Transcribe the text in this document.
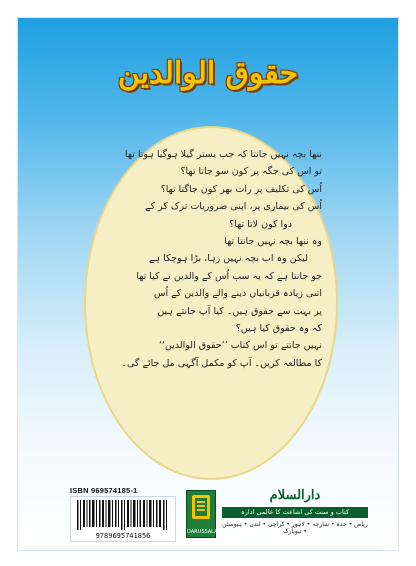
حقوق الوالدین
ننھا بچہ نہیں جانتا کہ جب بستر گیلا ہوگیا ہوتا تھا
تو اس کی جگہ پر کون سو جاتا تھا؟
اُس کی تکلیف پر رات بھر کون جاگتا تھا؟
اُس کی بیماری پر، اپنی ضروریات ترک کر کے
دوا کون لاتا تھا؟
وہ ننھا بچہ نہیں جانتا تھا
لیکن وہ اب بچہ نہیں رہا، بڑا ہوچکا ہے
جو جانتا ہے کہ یہ سب اُس کے والدین نے کیا تھا
اتنی زیادہ قربانیاں دینے والے والدین کے اُس
پر بہت سے حقوق ہیں۔ کیا آپ جانتے ہیں
کہ وہ حقوق کیا ہیں؟
نہیں جانتے تو اس کتاب ’’حقوق الوالدین‘‘
کا مطالعہ کریں۔ آپ کو مکمل آگہی مل جائے گی۔
ISBN 969574185-1
9789695741856	DARUSSALAM
دارالسلام
کتاب و سنت کی اشاعت کا عالمی ادارہ
ریاض • جدہ • شارجہ • لاہور • کراچی • لندن • ہیوسٹن • نیویارک
